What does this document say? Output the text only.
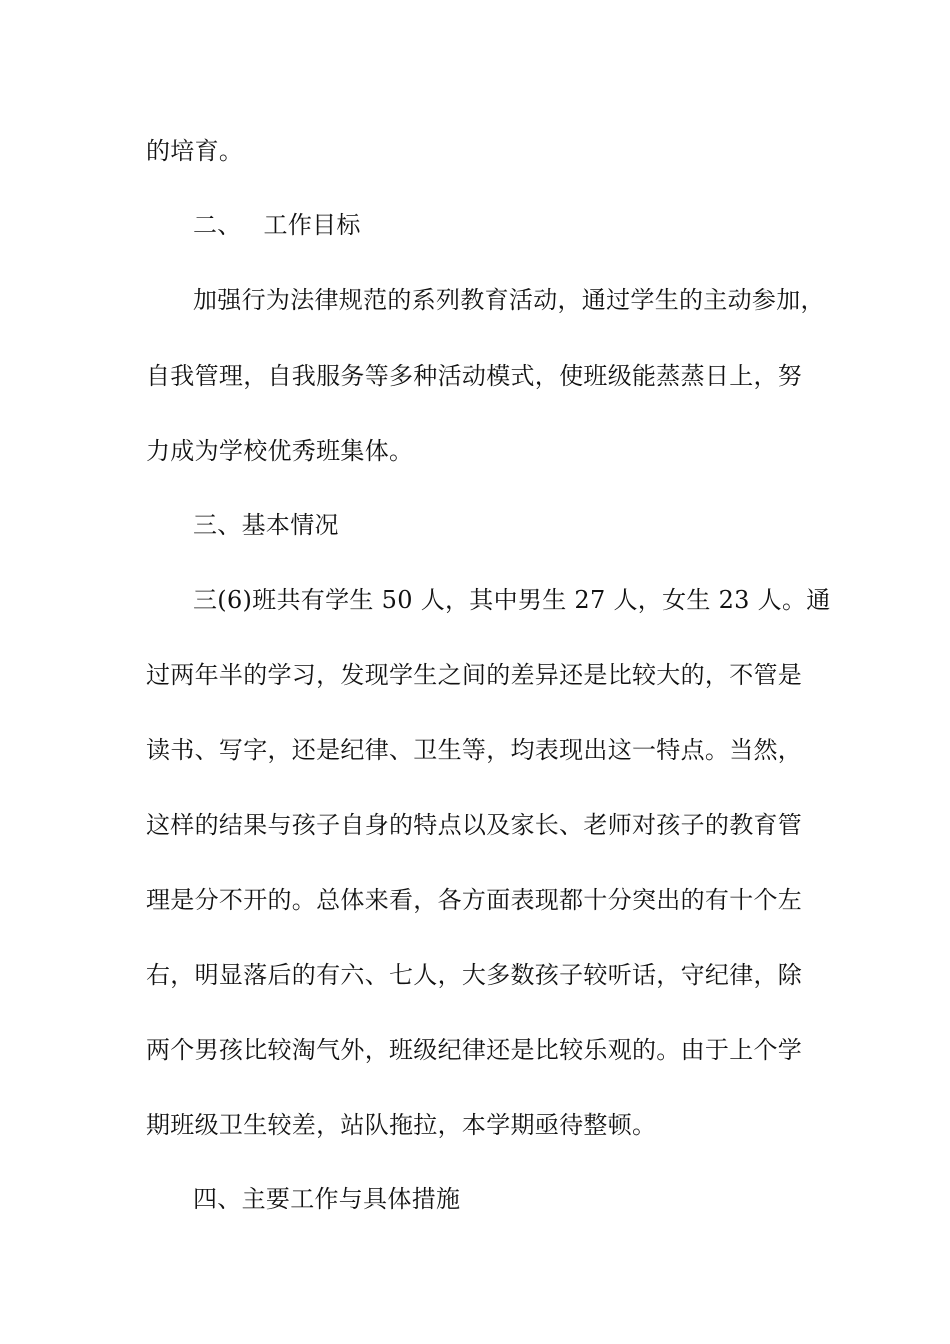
的培育。
二、 工作目标
加强行为法律规范的系列教育活动，通过学生的主动参加，
自我管理，自我服务等多种活动模式，使班级能蒸蒸日上，努
力成为学校优秀班集体。
三、基本情况
三(6)班共有学生 50 人，其中男生 27 人，女生 23 人。通
过两年半的学习，发现学生之间的差异还是比较大的，不管是
读书、写字，还是纪律、卫生等，均表现出这一特点。当然，
这样的结果与孩子自身的特点以及家长、老师对孩子的教育管
理是分不开的。总体来看，各方面表现都十分突出的有十个左
右，明显落后的有六、七人，大多数孩子较听话，守纪律，除
两个男孩比较淘气外，班级纪律还是比较乐观的。由于上个学
期班级卫生较差，站队拖拉，本学期亟待整顿。
四、主要工作与具体措施
